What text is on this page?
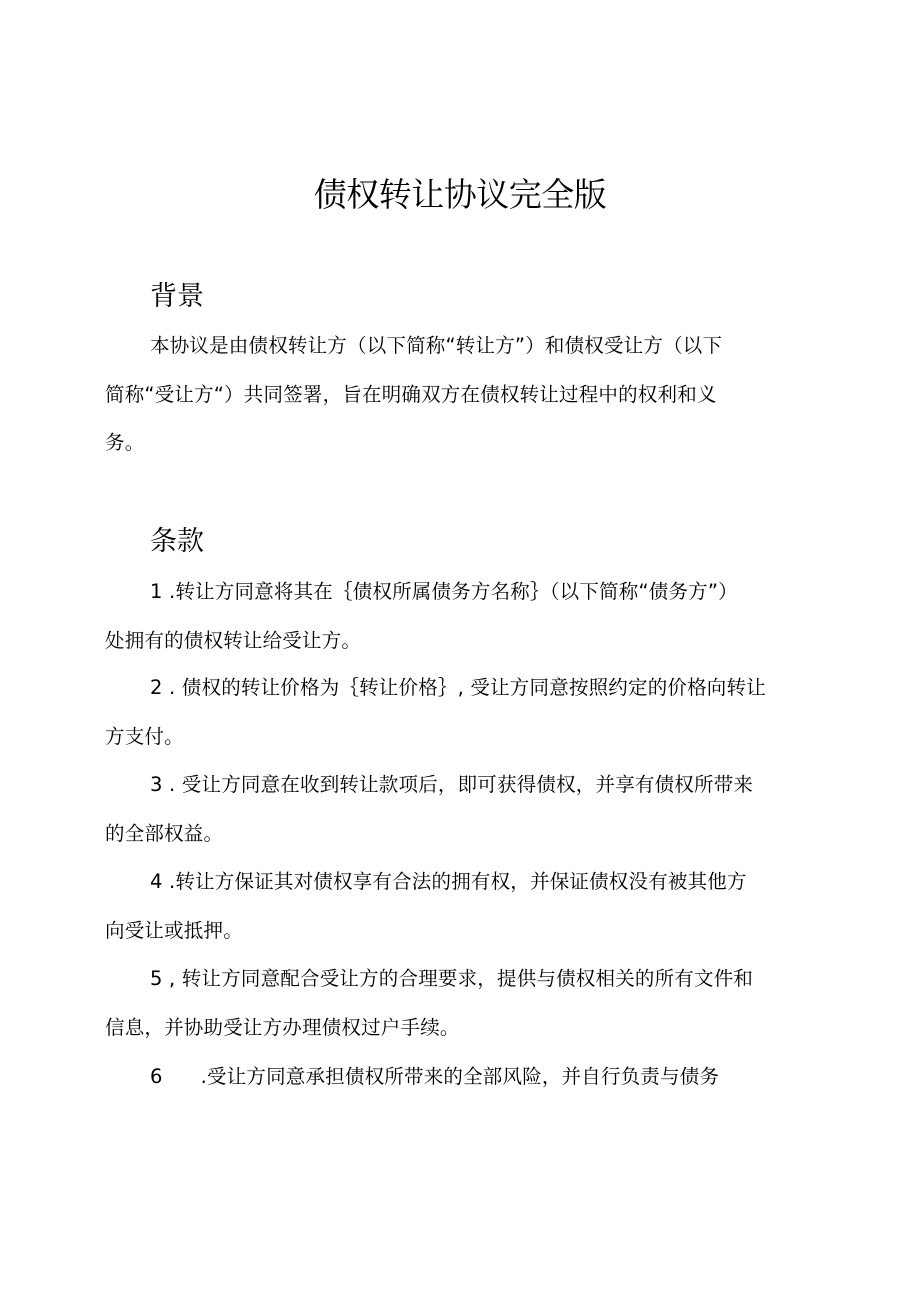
债权转让协议完全版
背景
本协议是由债权转让方（以下简称“转让方”）和债权受让方（以下
简称“受让方“）共同签署，旨在明确双方在债权转让过程中的权利和义
务。
条款
1 .转让方同意将其在｛债权所属债务方名称｝（以下简称“债务方”）
处拥有的债权转让给受让方。
2 . 债权的转让价格为｛转让价格｝, 受让方同意按照约定的价格向转让
方支付。
3 . 受让方同意在收到转让款项后，即可获得债权，并享有债权所带来
的全部权益。
4 .转让方保证其对债权享有合法的拥有权，并保证债权没有被其他方
向受让或抵押。
5 , 转让方同意配合受让方的合理要求，提供与债权相关的所有文件和
信息，并协助受让方办理债权过户手续。
6 .受让方同意承担债权所带来的全部风险，并自行负责与债务
